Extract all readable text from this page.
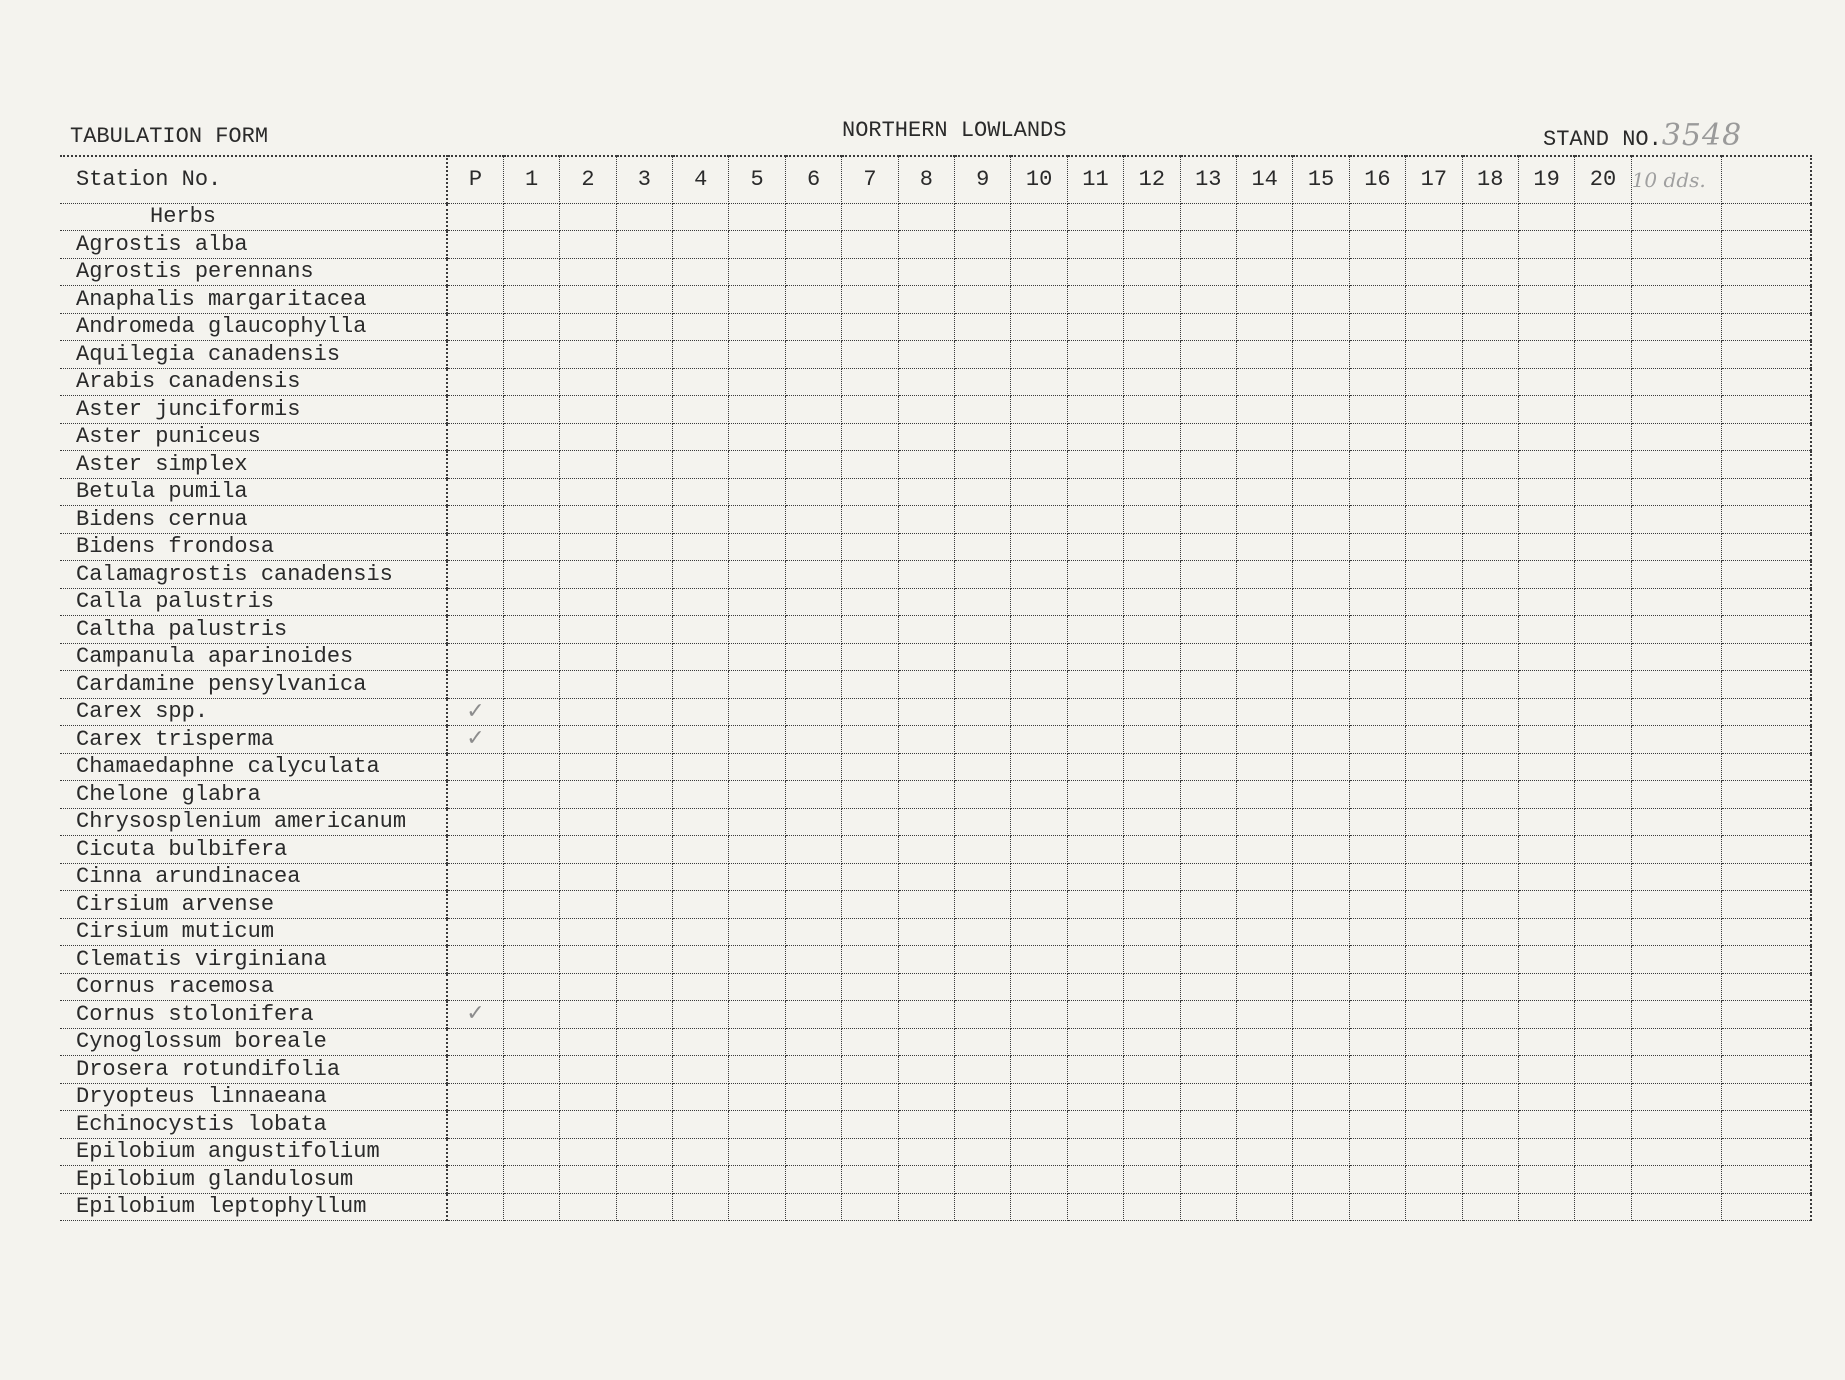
TABULATION FORM	NORTHERN LOWLANDS	STAND NO.3548
Station No.	P	1	2	3	4	5	6	7	8	9	10	11	12	13	14	15	16	17	18	19	20	10 dds.	
Herbs																							
Agrostis alba																							
Agrostis perennans																							
Anaphalis margaritacea																							
Andromeda glaucophylla																							
Aquilegia canadensis																							
Arabis canadensis																							
Aster junciformis																							
Aster puniceus																							
Aster simplex																							
Betula pumila																							
Bidens cernua																							
Bidens frondosa																							
Calamagrostis canadensis																							
Calla palustris																							
Caltha palustris																							
Campanula aparinoides																							
Cardamine pensylvanica																							
Carex spp.	✓																						
Carex trisperma	✓																						
Chamaedaphne calyculata																							
Chelone glabra																							
Chrysosplenium americanum																							
Cicuta bulbifera																							
Cinna arundinacea																							
Cirsium arvense																							
Cirsium muticum																							
Clematis virginiana																							
Cornus racemosa																							
Cornus stolonifera	✓																						
Cynoglossum boreale																							
Drosera rotundifolia																							
Dryopteus linnaeana																							
Echinocystis lobata																							
Epilobium angustifolium																							
Epilobium glandulosum																							
Epilobium leptophyllum																							
